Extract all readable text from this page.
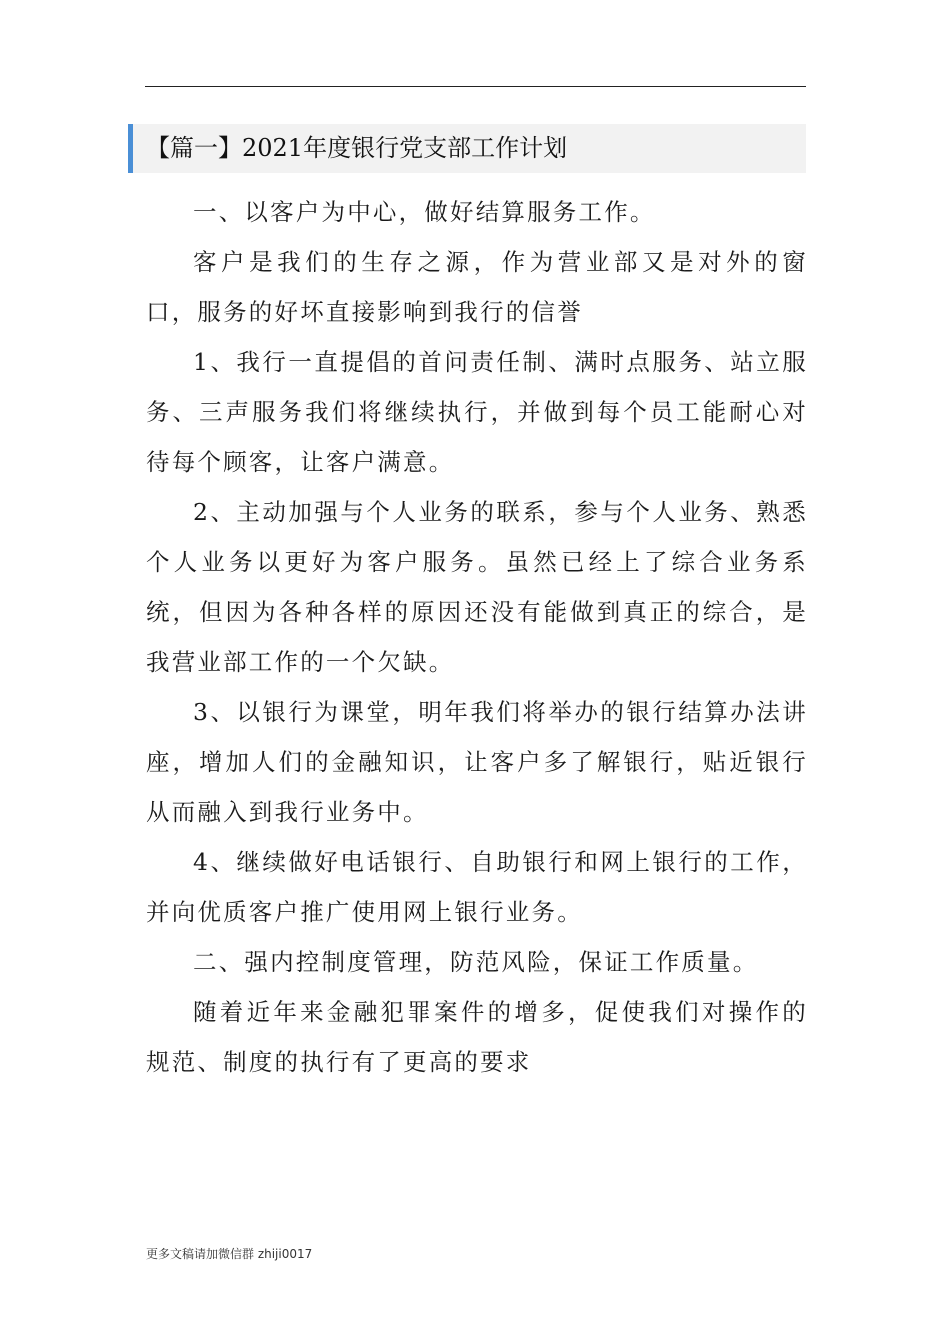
【篇一】2021年度银行党支部工作计划

一、以客户为中心，做好结算服务工作。

客户是我们的生存之源，作为营业部又是对外的窗口，服务的好坏直接影响到我行的信誉

1、我行一直提倡的首问责任制、满时点服务、站立服务、三声服务我们将继续执行，并做到每个员工能耐心对待每个顾客，让客户满意。

2、主动加强与个人业务的联系，参与个人业务、熟悉个人业务以更好为客户服务。虽然已经上了综合业务系统，但因为各种各样的原因还没有能做到真正的综合，是我营业部工作的一个欠缺。

3、以银行为课堂，明年我们将举办的银行结算办法讲座，增加人们的金融知识，让客户多了解银行，贴近银行从而融入到我行业务中。

4、继续做好电话银行、自助银行和网上银行的工作，并向优质客户推广使用网上银行业务。

二、强内控制度管理，防范风险，保证工作质量。

随着近年来金融犯罪案件的增多，促使我们对操作的规范、制度的执行有了更高的要求

更多文稿请加微信群 zhiji0017
